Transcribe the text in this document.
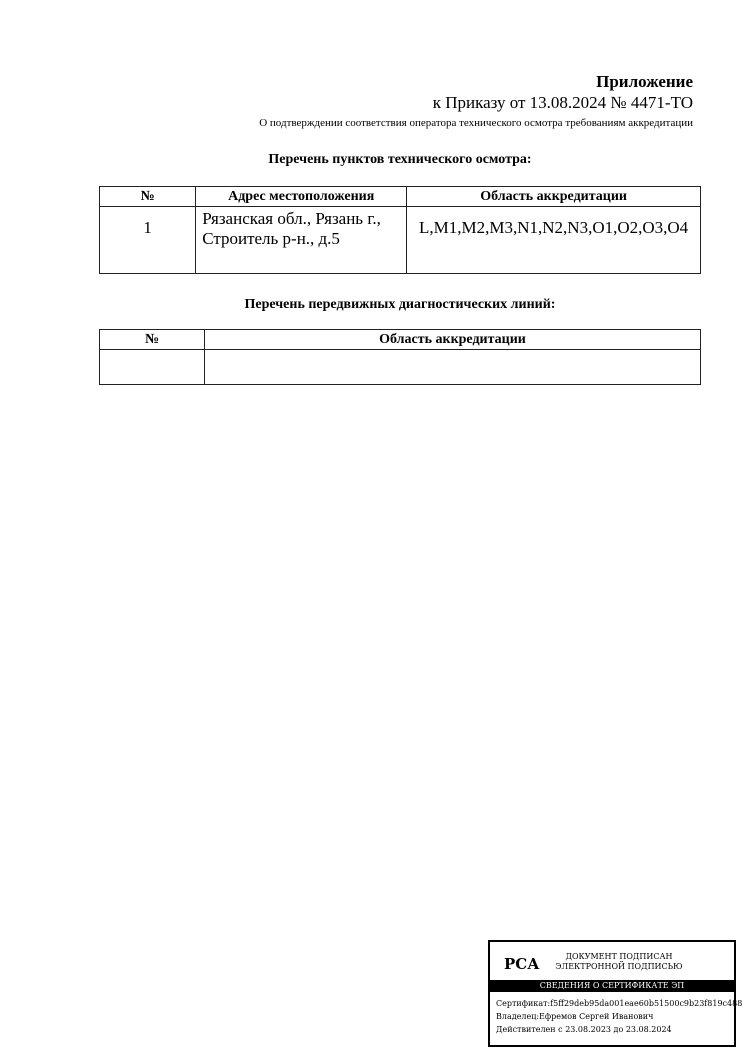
Приложение
к Приказу от 13.08.2024 № 4471-ТО
О подтверждении соответствия оператора технического осмотра требованиям аккредитации
Перечень пунктов технического осмотра:
№	Адрес местоположения	Область аккредитации
1	Рязанская обл., Рязань г., Строитель р-н., д.5	L,M1,M2,M3,N1,N2,N3,O1,O2,O3,O4
Перечень передвижных диагностических линий:
№	Область аккредитации

РСА	ДОКУМЕНТ ПОДПИСАН
ЭЛЕКТРОННОЙ ПОДПИСЬЮ
СВЕДЕНИЯ О СЕРТИФИКАТЕ ЭП
Сертификат:f5ff29deb95da001eae60b51500c9b23f819c488
Владелец:Ефремов Сергей Иванович
Действителен с 23.08.2023 до 23.08.2024
